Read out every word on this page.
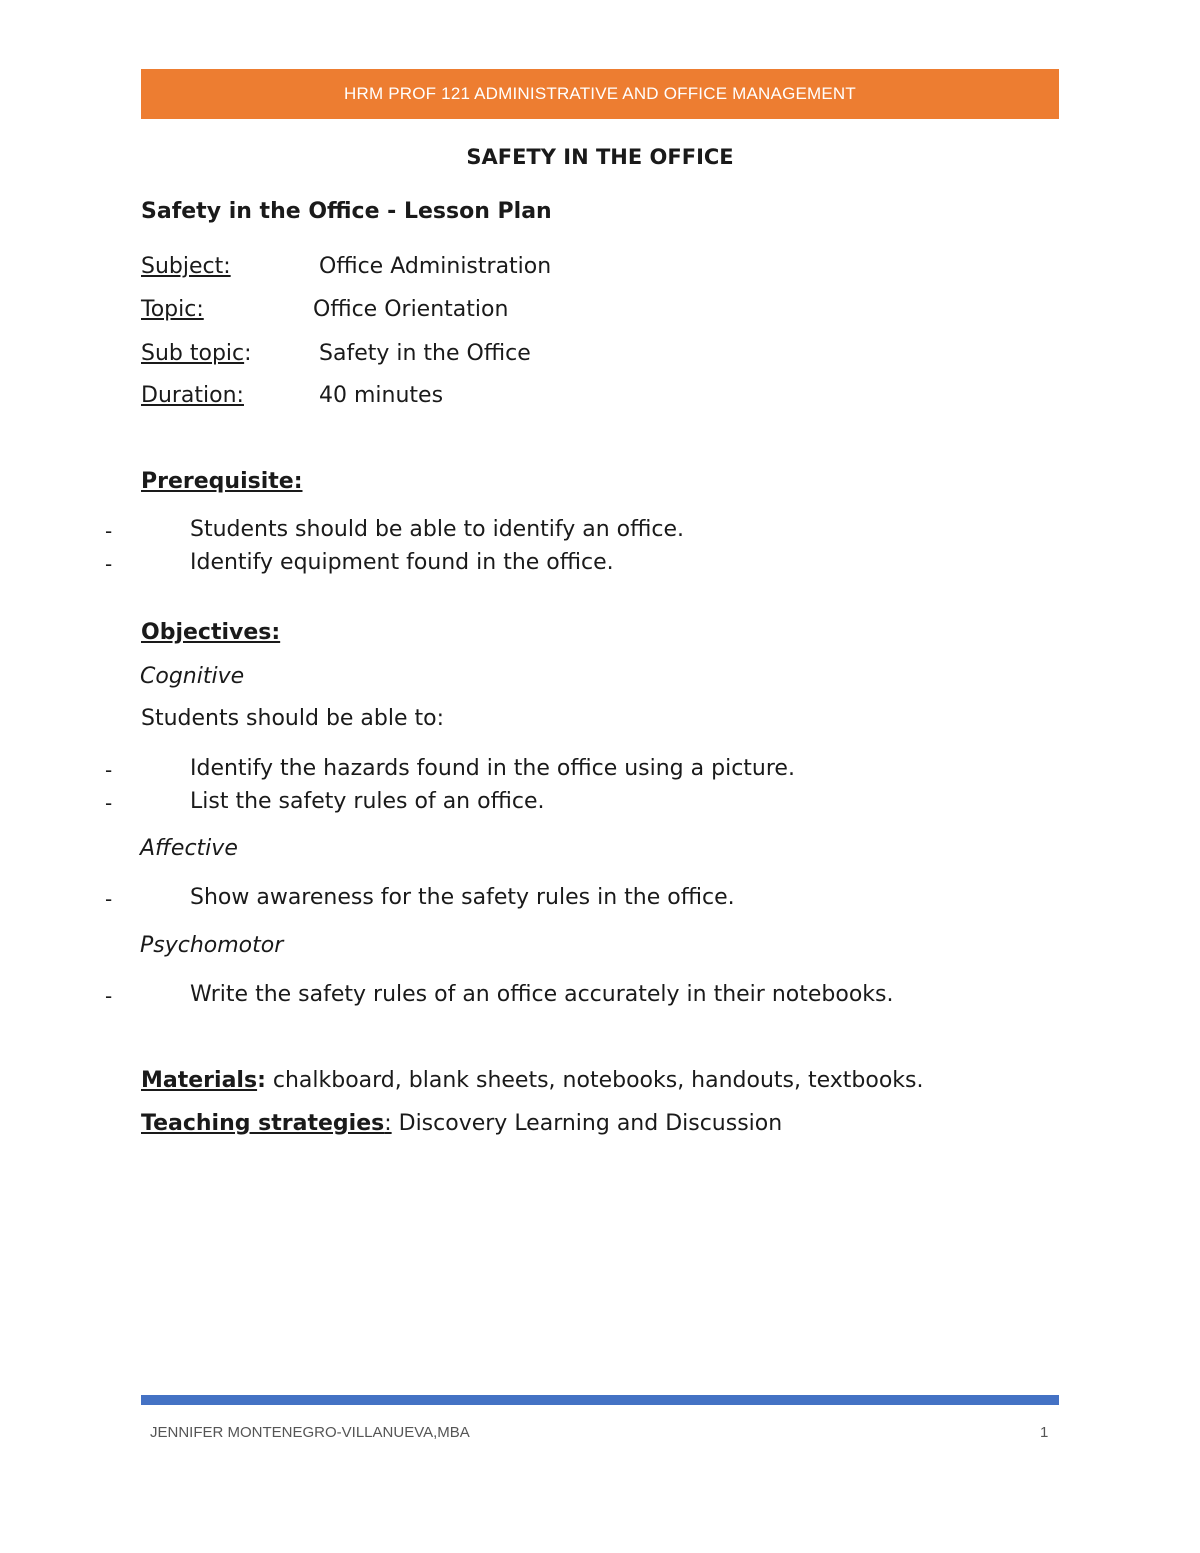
HRM PROF 121 ADMINISTRATIVE AND OFFICE MANAGEMENT
SAFETY IN THE OFFICE
Safety in the Office - Lesson Plan
Subject:	Office Administration
Topic:	Office Orientation
Sub topic:	Safety in the Office
Duration:	40 minutes
Prerequisite:
-	Students should be able to identify an office.
-	Identify equipment found in the office.
Objectives:
Cognitive
Students should be able to:
-	Identify the hazards found in the office using a picture.
-	List the safety rules of an office.
Affective
-	Show awareness for the safety rules in the office.
Psychomotor
-	Write the safety rules of an office accurately in their notebooks.
Materials: chalkboard, blank sheets, notebooks, handouts, textbooks.
Teaching strategies: Discovery Learning and Discussion
JENNIFER MONTENEGRO-VILLANUEVA,MBA	1
